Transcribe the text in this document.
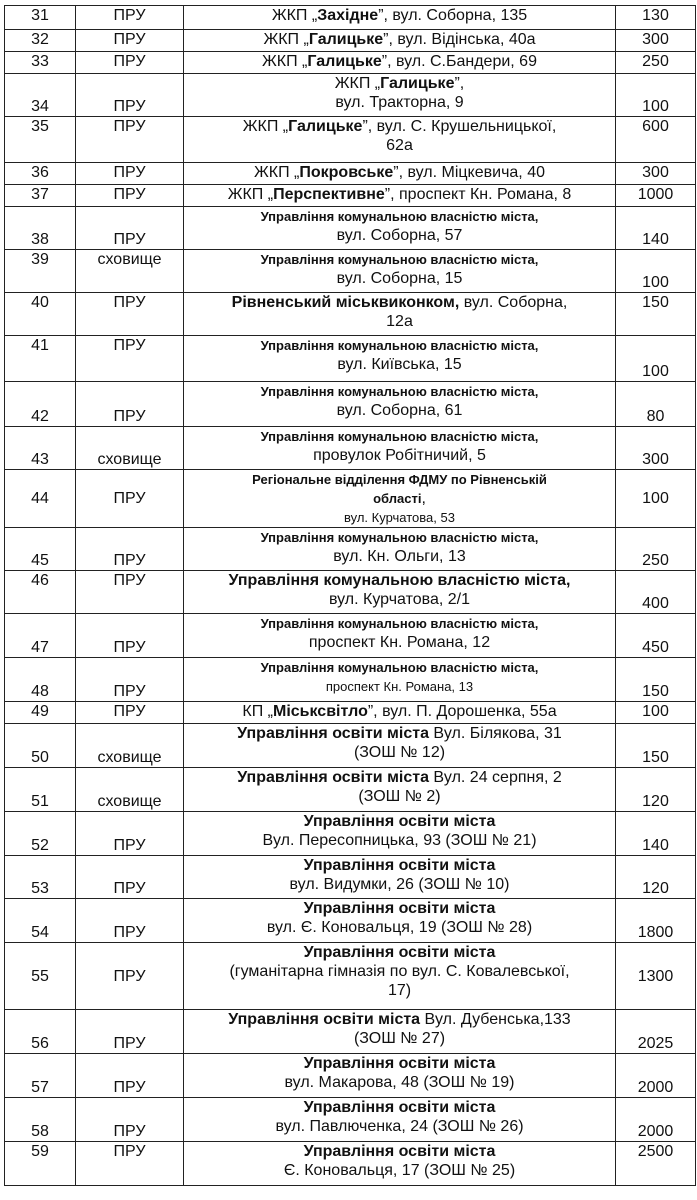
31	ПРУ	ЖКП „Західне”, вул. Соборна, 135	130
32	ПРУ	ЖКП „Галицьке”, вул. Відінська, 40а	300
33	ПРУ	ЖКП „Галицьке”, вул. С.Бандери, 69	250
34	ПРУ	ЖКП „Галицьке”,
вул. Тракторна, 9	100
35	ПРУ	ЖКП „Галицьке”, вул. С. Крушельницької,
62а	600
36	ПРУ	ЖКП „Покровське”, вул. Міцкевича, 40	300
37	ПРУ	ЖКП „Перспективне”, проспект Кн. Романа, 8	1000
38	ПРУ	Управління комунальною власністю міста,
вул. Соборна, 57	140
39	сховище	Управління комунальною власністю міста,
вул. Соборна, 15	100
40	ПРУ	Рівненський міськвиконком, вул. Соборна,
12а	150
41	ПРУ	Управління комунальною власністю міста,
вул. Київська, 15	100
42	ПРУ	Управління комунальною власністю міста,
вул. Соборна, 61	80
43	сховище	Управління комунальною власністю міста,
провулок Робітничий, 5	300
44	ПРУ	Регіональне відділення ФДМУ по Рівненській
області,
вул. Курчатова, 53	100
45	ПРУ	Управління комунальною власністю міста,
вул. Кн. Ольги, 13	250
46	ПРУ	Управління комунальною власністю міста,
вул. Курчатова, 2/1	400
47	ПРУ	Управління комунальною власністю міста,
проспект Кн. Романа, 12	450
48	ПРУ	Управління комунальною власністю міста,
проспект Кн. Романа, 13	150
49	ПРУ	КП „Міськсвітло”, вул. П. Дорошенка, 55а	100
50	сховище	Управління освіти міста Вул. Білякова, 31
(ЗОШ № 12)	150
51	сховище	Управління освіти міста Вул. 24 серпня, 2
(ЗОШ № 2)	120
52	ПРУ	Управління освіти міста
Вул. Пересопницька, 93 (ЗОШ № 21)	140
53	ПРУ	Управління освіти міста
вул. Видумки, 26 (ЗОШ № 10)	120
54	ПРУ	Управління освіти міста
вул. Є. Коновальця, 19 (ЗОШ № 28)	1800
55	ПРУ	Управління освіти міста
(гуманітарна гімназія по вул. С. Ковалевської,
17)	1300
56	ПРУ	Управління освіти міста Вул. Дубенська,133
(ЗОШ № 27)	2025
57	ПРУ	Управління освіти міста
вул. Макарова, 48 (ЗОШ № 19)	2000
58	ПРУ	Управління освіти міста
вул. Павлюченка, 24 (ЗОШ № 26)	2000
59	ПРУ	Управління освіти міста
Є. Коновальця, 17 (ЗОШ № 25)	2500
